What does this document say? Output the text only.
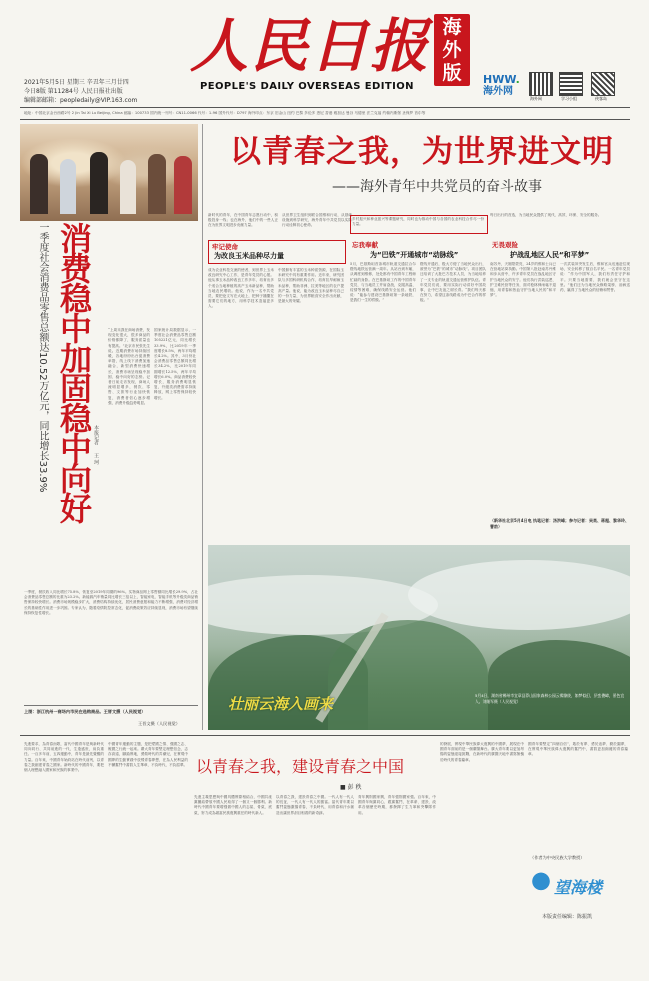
2021年5月5日 星期三 辛丑年三月廿四
今日8版 第11284号 人民日报社出版
编辑部邮箱：peopledaily@VIP.163.com
人民日报 海外版
PEOPLE'S DAILY OVERSEAS EDITION
HWW.
海外网
海外网	学习小组	侠客岛
地址：中国北京金台西路2号 2 Jin Tai Xi Lu Beijing, China 邮编：100733 国内统一刊号：CN11-0066 代号：1-96 国外代号：D797 海外印点：东京 旧金山 纽约 巴黎 多伦多 悉尼 香港 雅加达 曼谷 马德里 法兰克福 约翰内斯堡 圣保罗 首尔等
一季度社会消费品零售总额达10.52万亿元，同比增长33.9% 消费稳中加固稳中向好 本报记者
王 珂
“上周末我在商场消费，发现变化很大，很多商品的价格都降了，服务质量也有提高。”北京市民张先生说。近期消费市场持续回暖，各地纷纷出台促消费举措，线上线下消费加速融合，新型消费快速增长，消费市场呈现稳中加固、稳中向好的态势。记者日前走访发现，商场人流明显增多，餐饮、零售、文旅等行业加快恢复，消费者信心逐步增强，消费升级趋势明显。
国家统计局数据显示，一季度社会消费品零售总额105221亿元，同比增长33.9%，比2019年一季度增长8.5%，两年平均增长4.2%。其中，3月份社会消费品零售总额同比增长34.2%，比2019年同期增长12.5%，两年平均增长6.0%。商品消费较快增长，服务消费明显恢复，升级类消费需求持续释放，网上零售保持较快增长。
一季度，餐饮收入同比增长75.8%，恢复至2019年同期的96%。实物商品网上零售额同比增长29.9%，占社会消费品零售总额的比重为23.2%。新能源汽车销量同比增长三倍以上，智能家电、智能手机等升级类商品销售保持较快增长。消费市场规模稳步扩大，消费结构持续优化，居民消费意愿和能力不断增强，消费对经济增长的基础性作用进一步巩固。专家认为，随着疫情防控常态化，促消费政策效应持续显现，消费市场有望继续保持恢复性增长。
上图：浙江杭州一商场内市民在选购商品。王晋文摄（人民视觉）
王晋文摄（人民视觉）
以青春之我，为世界进文明
——海外青年中共党员的奋斗故事
新时代的青年，在中国青年志愿行动中，积极投身一线；也在海外，他们中的一些人正在为世界文明进步贡献力量。
从世界卫生组织到联合国维和行动，从基础设施到科学研究，海外青年中共党员以实际行动诠释初心使命。
牢记使命
为改良玉米品种尽力量
成为农业科技交流的使者，到世界上玉米改良研究中心工作，是青年党员的心愿。他从事玉米品种改良工作多年，培育出多个适合当地种植的高产玉米新品种，帮助当地农民增收。他说，作为一名中共党员，要把论文写在大地上，把种子播撒在需要它们的地方，用科学技术造福更多人。
中国拥有丰富的玉米种质资源，在国际玉米研究中具有重要作用。近年来，研究团队与多国科研机构合作，培育抗旱耐病玉米品种，帮助非洲、拉美等地区的农户提高产量。他说，能为改良玉米品种尽自己的一份力量，为世界粮食安全作出贡献，是最大的荣耀。
乡村振兴和种业振兴等课题研究，同时也为推动中国与各国的农业科技合作尽一份力量。
忘我奉献
为“巴铁”开通城市“动脉线”
5月，巴基斯坦首条城市轨道交通拉合尔橙线地铁运营满一周年。从站台到车厢，从调度到维修，处处都有中国青年工程师忙碌的身影。在巴基斯坦工作的中国青年党员，与当地员工并肩奋战，克服高温、疫情等困难，确保线路安全运营。他们说：“能参与建设巴基斯坦第一条地铁，是我们一生的骄傲。”
橙线开通后，极大方便了当地民众出行，被誉为“巴铁”的城市“动脉线”。项目团队还培训了大批巴方技术人员，为当地培养了一支专业的轨道交通运营维护队伍。青年党员们说，要用实际行动讲好中国故事，让中巴友谊之树长青。“我们每天都在努力，希望这条线路成为中巴合作的样板。”
每日出行的首选，为当地民众提供了现代、高效、环保、安全的服务。
无畏艰险
护战乱地区人民“和平梦”
南苏丹，天刚蒙蒙亮，24岁的维和士兵已在营地站岗执勤。中国第八批赴南苏丹维和步兵营中，许多青年党员在战乱地区守护当地民众的安宁。他们执行武装巡逻、护卫难民营等任务，面对枪林弹雨毫不退缩，用青春和热血守护当地人民的“和平梦”。
一次武装冲突发生后，维和官兵迅速赶往现场，安全转移了数百名平民。一名青年党员说：“作为中国军人，我们有责任守护和平。只要当地需要，我们就会坚守在这里。”他们还为当地民众修路架桥、治病送药，赢得了当地民众的信赖和赞誉。
（新华社北京5月4日电 执笔记者：汤洪峰；参与记者：吴昊、蒋超、黎华玲、曹劼）
壮丽云海入画来	5月4日，湖南省郴州市宜章县莽山国家森林公园云雾缭绕，如梦似幻，层峦叠嶂，景色宜人。刘细军摄（人民视觉）
先進要求，為青春而歌，當代中國青年是與新時代同向同行、共同前進的一代，生逢盛世，肩負重任。一百多年前，五四運動中，青年是最先覺醒的力量。百年來，中國青年始終站在時代前列，以青春之我創建青春之國家。新時代的中國青年，要把個人理想融入國家和民族的事業中。
中國青年運動的主題，是把愛國之情、強國之志、報國之行統一起來。廣大青年要堅定理想信念，志存高遠，腳踏實地，勇做時代的弄潮兒，在實現中國夢的生動實踐中放飛青春夢想，在為人民利益的不懈奮鬥中書寫人生華章，不負時代，不負韶華。 以青春之我，建设青春之中国
■ 彭 秩
先進主義思想與中國具體實際相結合，中國共產黨團結帶領中國人民取得了一個又一個勝利。新時代中國青年要增強做中國人的志氣、骨氣、底氣，努力成為堪當民族復興重任的時代新人。
以青春之我，建設青春之中國。一代人有一代人的長征，一代人有一代人的擔當。當代青年要以奮鬥姿態激揚青春，不負時代，用青春和汗水創造出讓世界刮目相看的新奇跡。
青年興則國家興，青年強則國家強。百年來，中國青年與黨同心、跟黨奮鬥，在革命、建設、改革各個歷史時期，都發揮了生力軍和突擊隊作用。
的發展，實現中華民族偉大復興的中國夢，展現在中國青年面前的是一個廣闊舞台。廣大青年要以更加昂揚的姿態迎接挑戰，在新時代的廣闊天地中書寫無愧於時代的青春篇章。
國青年要堅定“四個自信”，敢於有夢、勇於追夢、勤於圓夢，在實現中華民族偉大復興的奮鬥中，書寫更加絢麗的青春篇章。
（作者为中央民族大学教授）
望海楼
本版责任编辑：陈振凯
